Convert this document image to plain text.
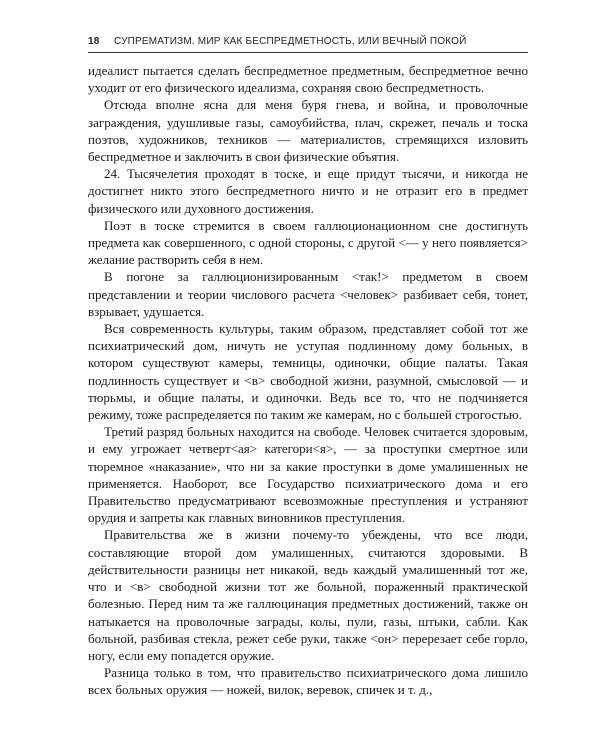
18 СУПРЕМАТИЗМ. МИР КАК БЕСПРЕДМЕТНОСТЬ, ИЛИ ВЕЧНЫЙ ПОКОЙ

идеалист пытается сделать беспредметное предметным, беспредметное вечно уходит от его физического идеализма, сохраняя свою беспредметность.

Отсюда вполне ясна для меня буря гнева, и война, и проволочные заграждения, удушливые газы, самоубийства, плач, скрежет, печаль и тоска поэтов, художников, техников — материалистов, стремящихся изловить беспредметное и заключить в свои физические объятия.

24. Тысячелетия проходят в тоске, и еще придут тысячи, и никогда не достигнет никто этого беспредметного ничто и не отразит его в предмет физического или духовного достижения.

Поэт в тоске стремится в своем галлюционационном сне достигнуть предмета как совершенного, с одной стороны, с другой <— у него появляется> желание растворить себя в нем.

В погоне за галлюционизированным <так!> предметом в своем представлении и теории числового расчета <человек> разбивает себя, тонет, взрывает, удушается.

Вся современность культуры, таким образом, представляет собой тот же психиатрический дом, ничуть не уступая подлинному дому больных, в котором существуют камеры, темницы, одиночки, общие палаты. Такая подлинность существует и <в> свободной жизни, разумной, смысловой — и тюрьмы, и общие палаты, и одиночки. Ведь все то, что не подчиняется режиму, тоже распределяется по таким же камерам, но с большей строгостью.

Третий разряд больных находится на свободе. Человек считается здоровым, и ему угрожает четверт<ая> категори<я>, — за проступки смертное или тюремное «наказание», что ни за какие проступки в доме умалишенных не применяется. Наоборот, все Государство психиатрического дома и его Правительство предусматривают всевозможные преступления и устраняют орудия и запреты как главных виновников преступления.

Правительства же в жизни почему-то убеждены, что все люди, составляющие второй дом умалишенных, считаются здоровыми. В действительности разницы нет никакой, ведь каждый умалишенный тот же, что и <в> свободной жизни тот же больной, пораженный практической болезнью. Перед ним та же галлюцинация предметных достижений, также он натыкается на проволочные заграды, колы, пули, газы, штыки, сабли. Как больной, разбивая стекла, режет себе руки, также <он> перерезает себе горло, ногу, если ему попадется оружие.

Разница только в том, что правительство психиатрического дома лишило всех больных оружия — ножей, вилок, веревок, спичек и т. д.,
